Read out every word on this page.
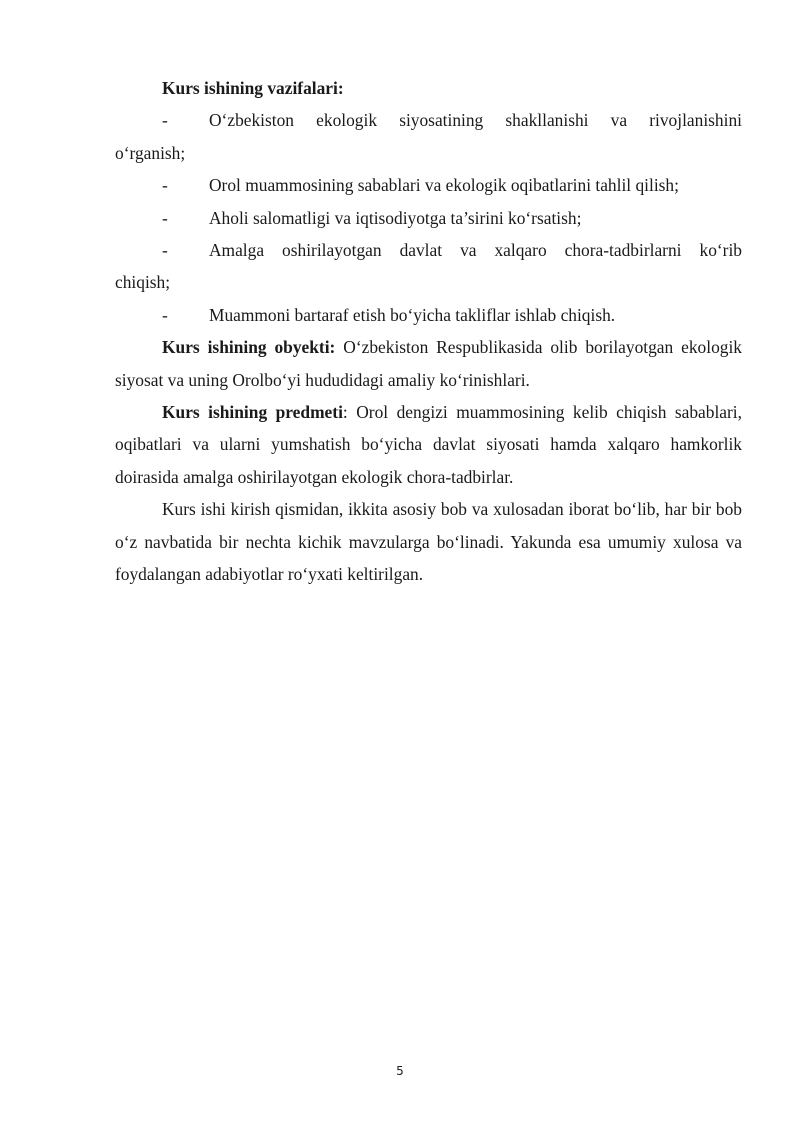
Kurs ishining vazifalari:

-	O‘zbekiston ekologik siyosatining shakllanishi va rivojlanishini
o‘rganish;
-	Orol muammosining sabablari va ekologik oqibatlarini tahlil qilish;
-	Aholi salomatligi va iqtisodiyotga ta’sirini ko‘rsatish;
-	Amalga oshirilayotgan davlat va xalqaro chora-tadbirlarni ko‘rib
chiqish;
-	Muammoni bartaraf etish bo‘yicha takliflar ishlab chiqish.

Kurs ishining obyekti: O‘zbekiston Respublikasida olib borilayotgan ekologik siyosat va uning Orolbo‘yi hududidagi amaliy ko‘rinishlari.

Kurs ishining predmeti: Orol dengizi muammosining kelib chiqish sabablari, oqibatlari va ularni yumshatish bo‘yicha davlat siyosati hamda xalqaro hamkorlik doirasida amalga oshirilayotgan ekologik chora-tadbirlar.

Kurs ishi kirish qismidan, ikkita asosiy bob va xulosadan iborat bo‘lib, har bir bob o‘z navbatida bir nechta kichik mavzularga bo‘linadi. Yakunda esa umumiy xulosa va foydalangan adabiyotlar ro‘yxati keltirilgan.

5
